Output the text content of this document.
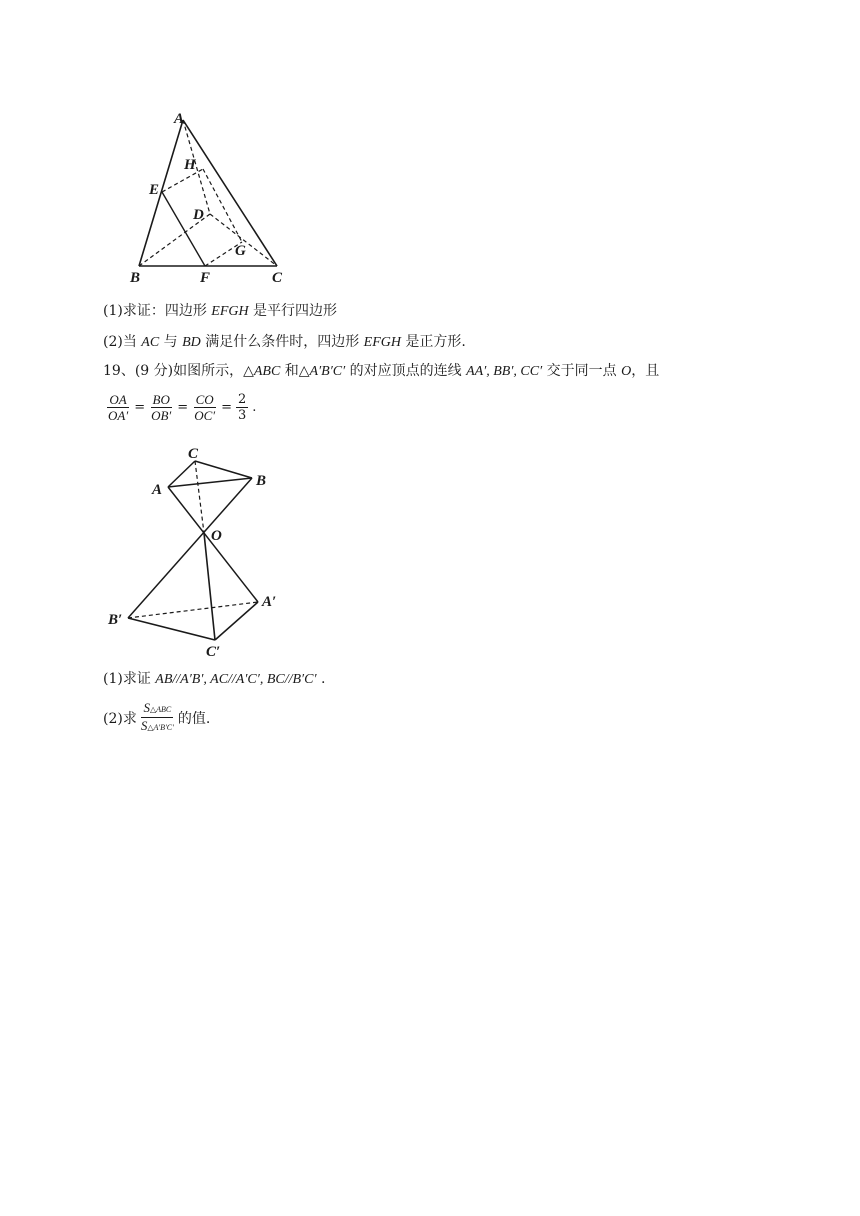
A
H
E
D
G
B	F	C
(1)求证：四边形 EFGH 是平行四边形
(2)当 AC 与 BD 满足什么条件时，四边形 EFGH 是正方形.
19、(9 分)如图所示，△ABC 和△A′B′C′ 的对应顶点的连线 AA′, BB′, CC′ 交于同一点 O，且
$\frac{OA}{OA'} = \frac{BO}{OB'} = \frac{CO}{OC'} = \frac{2}{3}$ .
C
A
B
O
A′
B′
C′
(1)求证 AB//A′B′, AC//A′C′, BC//B′C′ .
(2)求 $\frac{\text{S△ABC}}{S\triangle A'B'C'}$ 的值.
